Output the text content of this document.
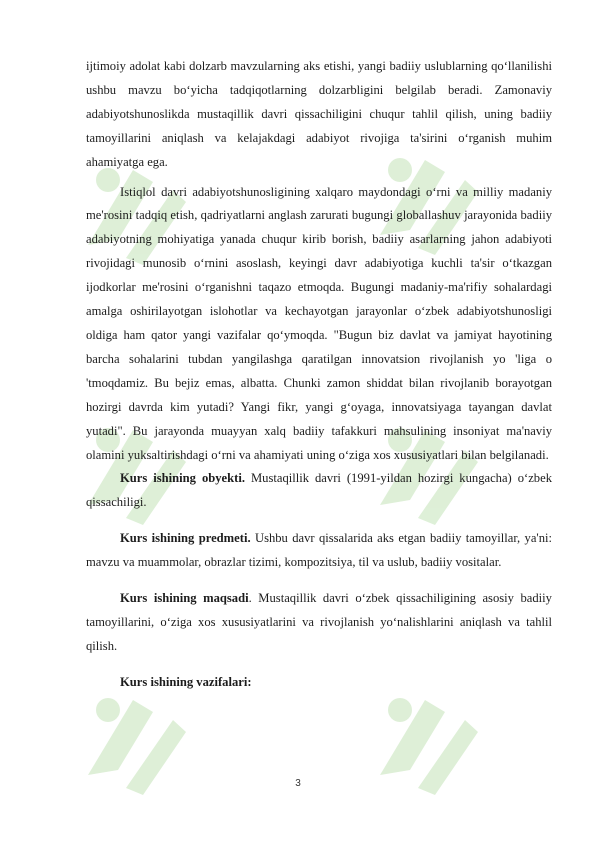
ijtimoiy adolat kabi dolzarb mavzularning aks etishi, yangi badiiy uslublarning qo‘llanilishi ushbu mavzu bo‘yicha tadqiqotlarning dolzarbligini belgilab beradi. Zamonaviy adabiyotshunoslikda mustaqillik davri qissachiligini chuqur tahlil qilish, uning badiiy tamoyillarini aniqlash va kelajakdagi adabiyot rivojiga ta'sirini o‘rganish muhim ahamiyatga ega.

Istiqlol davri adabiyotshunosligining xalqaro maydondagi o‘rni va milliy madaniy me'rosini tadqiq etish, qadriyatlarni anglash zarurati bugungi globallashuv jarayonida badiiy adabiyotning mohiyatiga yanada chuqur kirib borish, badiiy asarlarning jahon adabiyoti rivojidagi munosib o‘rnini asoslash, keyingi davr adabiyotiga kuchli ta'sir o‘tkazgan ijodkorlar me'rosini o‘rganishni taqazo etmoqda. Bugungi madaniy-ma'rifiy sohalardagi amalga oshirilayotgan islohotlar va kechayotgan jarayonlar o‘zbek adabiyotshunosligi oldiga ham qator yangi vazifalar qo‘ymoqda. "Bugun biz davlat va jamiyat hayotining barcha sohalarini tubdan yangilashga qaratilgan innovatsion rivojlanish yo 'liga o 'tmoqdamiz. Bu bejiz emas, albatta. Chunki zamon shiddat bilan rivojlanib borayotgan hozirgi davrda kim yutadi? Yangi fikr, yangi g‘oyaga, innovatsiyaga tayangan davlat yutadi". Bu jarayonda muayyan xalq badiiy tafakkuri mahsulining insoniyat ma'naviy olamini yuksaltirishdagi o‘rni va ahamiyati uning o‘ziga xos xususiyatlari bilan belgilanadi.

Kurs ishining obyekti. Mustaqillik davri (1991-yildan hozirgi kungacha) o‘zbek qissachiligi.

Kurs ishining predmeti. Ushbu davr qissalarida aks etgan badiiy tamoyillar, ya'ni: mavzu va muammolar, obrazlar tizimi, kompozitsiya, til va uslub, badiiy vositalar.

Kurs ishining maqsadi. Mustaqillik davri o‘zbek qissachiligining asosiy badiiy tamoyillarini, o‘ziga xos xususiyatlarini va rivojlanish yo‘nalishlarini aniqlash va tahlil qilish.

Kurs ishining vazifalari:

3
